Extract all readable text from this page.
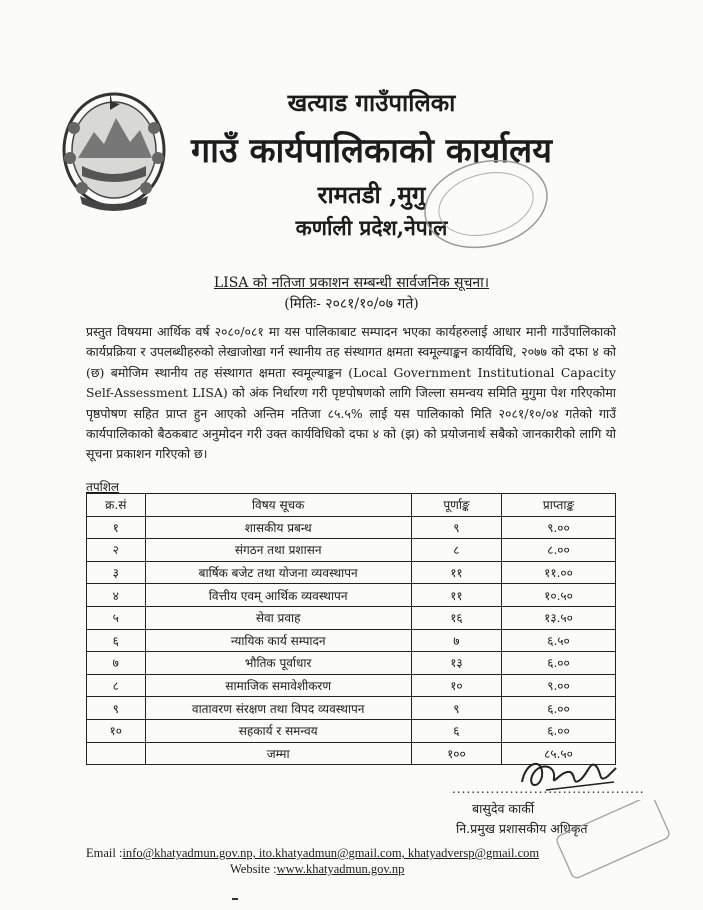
खत्याड गाउँपालिका
गाउँ कार्यपालिकाको कार्यालय
रामतडी ,मुगु
कर्णाली प्रदेश,नेपाल
LISA को नतिजा प्रकाशन सम्बन्धी सार्वजनिक सूचना।
(मितिः- २०८१/१०/०७ गते)
प्रस्तुत विषयमा आर्थिक वर्ष २०८०/०८१ मा यस पालिकाबाट सम्पादन भएका कार्यहरुलाई आधार मानी गाउँपालिकाको कार्यप्रक्रिया र उपलब्धीहरुको लेखाजोखा गर्न स्थानीय तह संस्थागत क्षमता स्वमूल्याङ्कन कार्यविधि, २०७७ को दफा ४ को (छ) बमोजिम स्थानीय तह संस्थागत क्षमता स्वमूल्याङ्कन (Local Government Institutional Capacity Self-Assessment LISA) को अंक निर्धारण गरी पृष्टपोषणको लागि जिल्ला समन्वय समिति मुगुमा पेश गरिएकोमा पृष्ठपोषण सहित प्राप्त हुन आएको अन्तिम नतिजा ८५.५% लाई यस पालिकाको मिति २०८१/१०/०४ गतेको गाउँ कार्यपालिकाको बैठकबाट अनुमोदन गरी उक्त कार्यविधिको दफा ४ को (झ) को प्रयोजनार्थ सबैको जानकारीको लागि यो सूचना प्रकाशन गरिएको छ।
तपशिल
क्र.सं	विषय सूचक	पूर्णाङ्क	प्राप्ताङ्क
१	शासकीय प्रबन्ध	९	९.००
२	संगठन तथा प्रशासन	८	८.००
३	बार्षिक बजेट तथा योजना व्यवस्थापन	११	११.००
४	वित्तीय एवम् आर्थिक व्यवस्थापन	११	१०.५०
५	सेवा प्रवाह	१६	१३.५०
६	न्यायिक कार्य सम्पादन	७	६.५०
७	भौतिक पूर्वाधार	१३	६.००
८	सामाजिक समावेशीकरण	१०	९.००
९	वातावरण संरक्षण तथा विपद व्यवस्थापन	९	६.००
१०	सहकार्य र समन्वय	६	६.००
	जम्मा	१००	८५.५०
........................................
बासुदेव कार्की
नि.प्रमुख प्रशासकीय अधिकृत
Email :info@khatyadmun.gov.np, ito.khatyadmun@gmail.com, khatyadversp@gmail.com
Website :www.khatyadmun.gov.np
